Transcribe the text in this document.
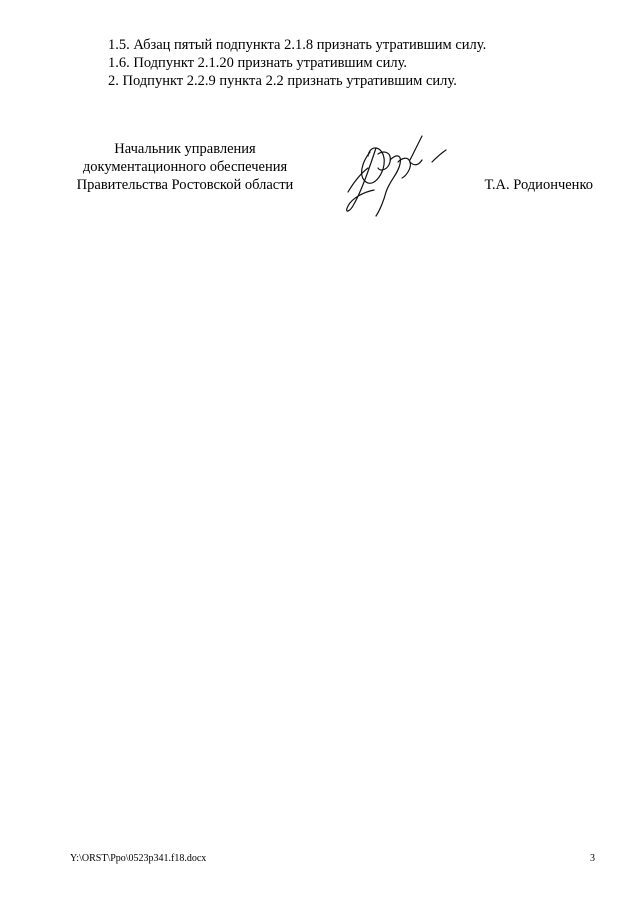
1.5. Абзац пятый подпункта 2.1.8 признать утратившим силу.
1.6. Подпункт 2.1.20 признать утратившим силу.
2. Подпункт 2.2.9 пункта 2.2 признать утратившим силу.
Начальник управления
документационного обеспечения
Правительства Ростовской области	Т.А. Родионченко
Y:\ORST\Ppo\0523p341.f18.docx	3
